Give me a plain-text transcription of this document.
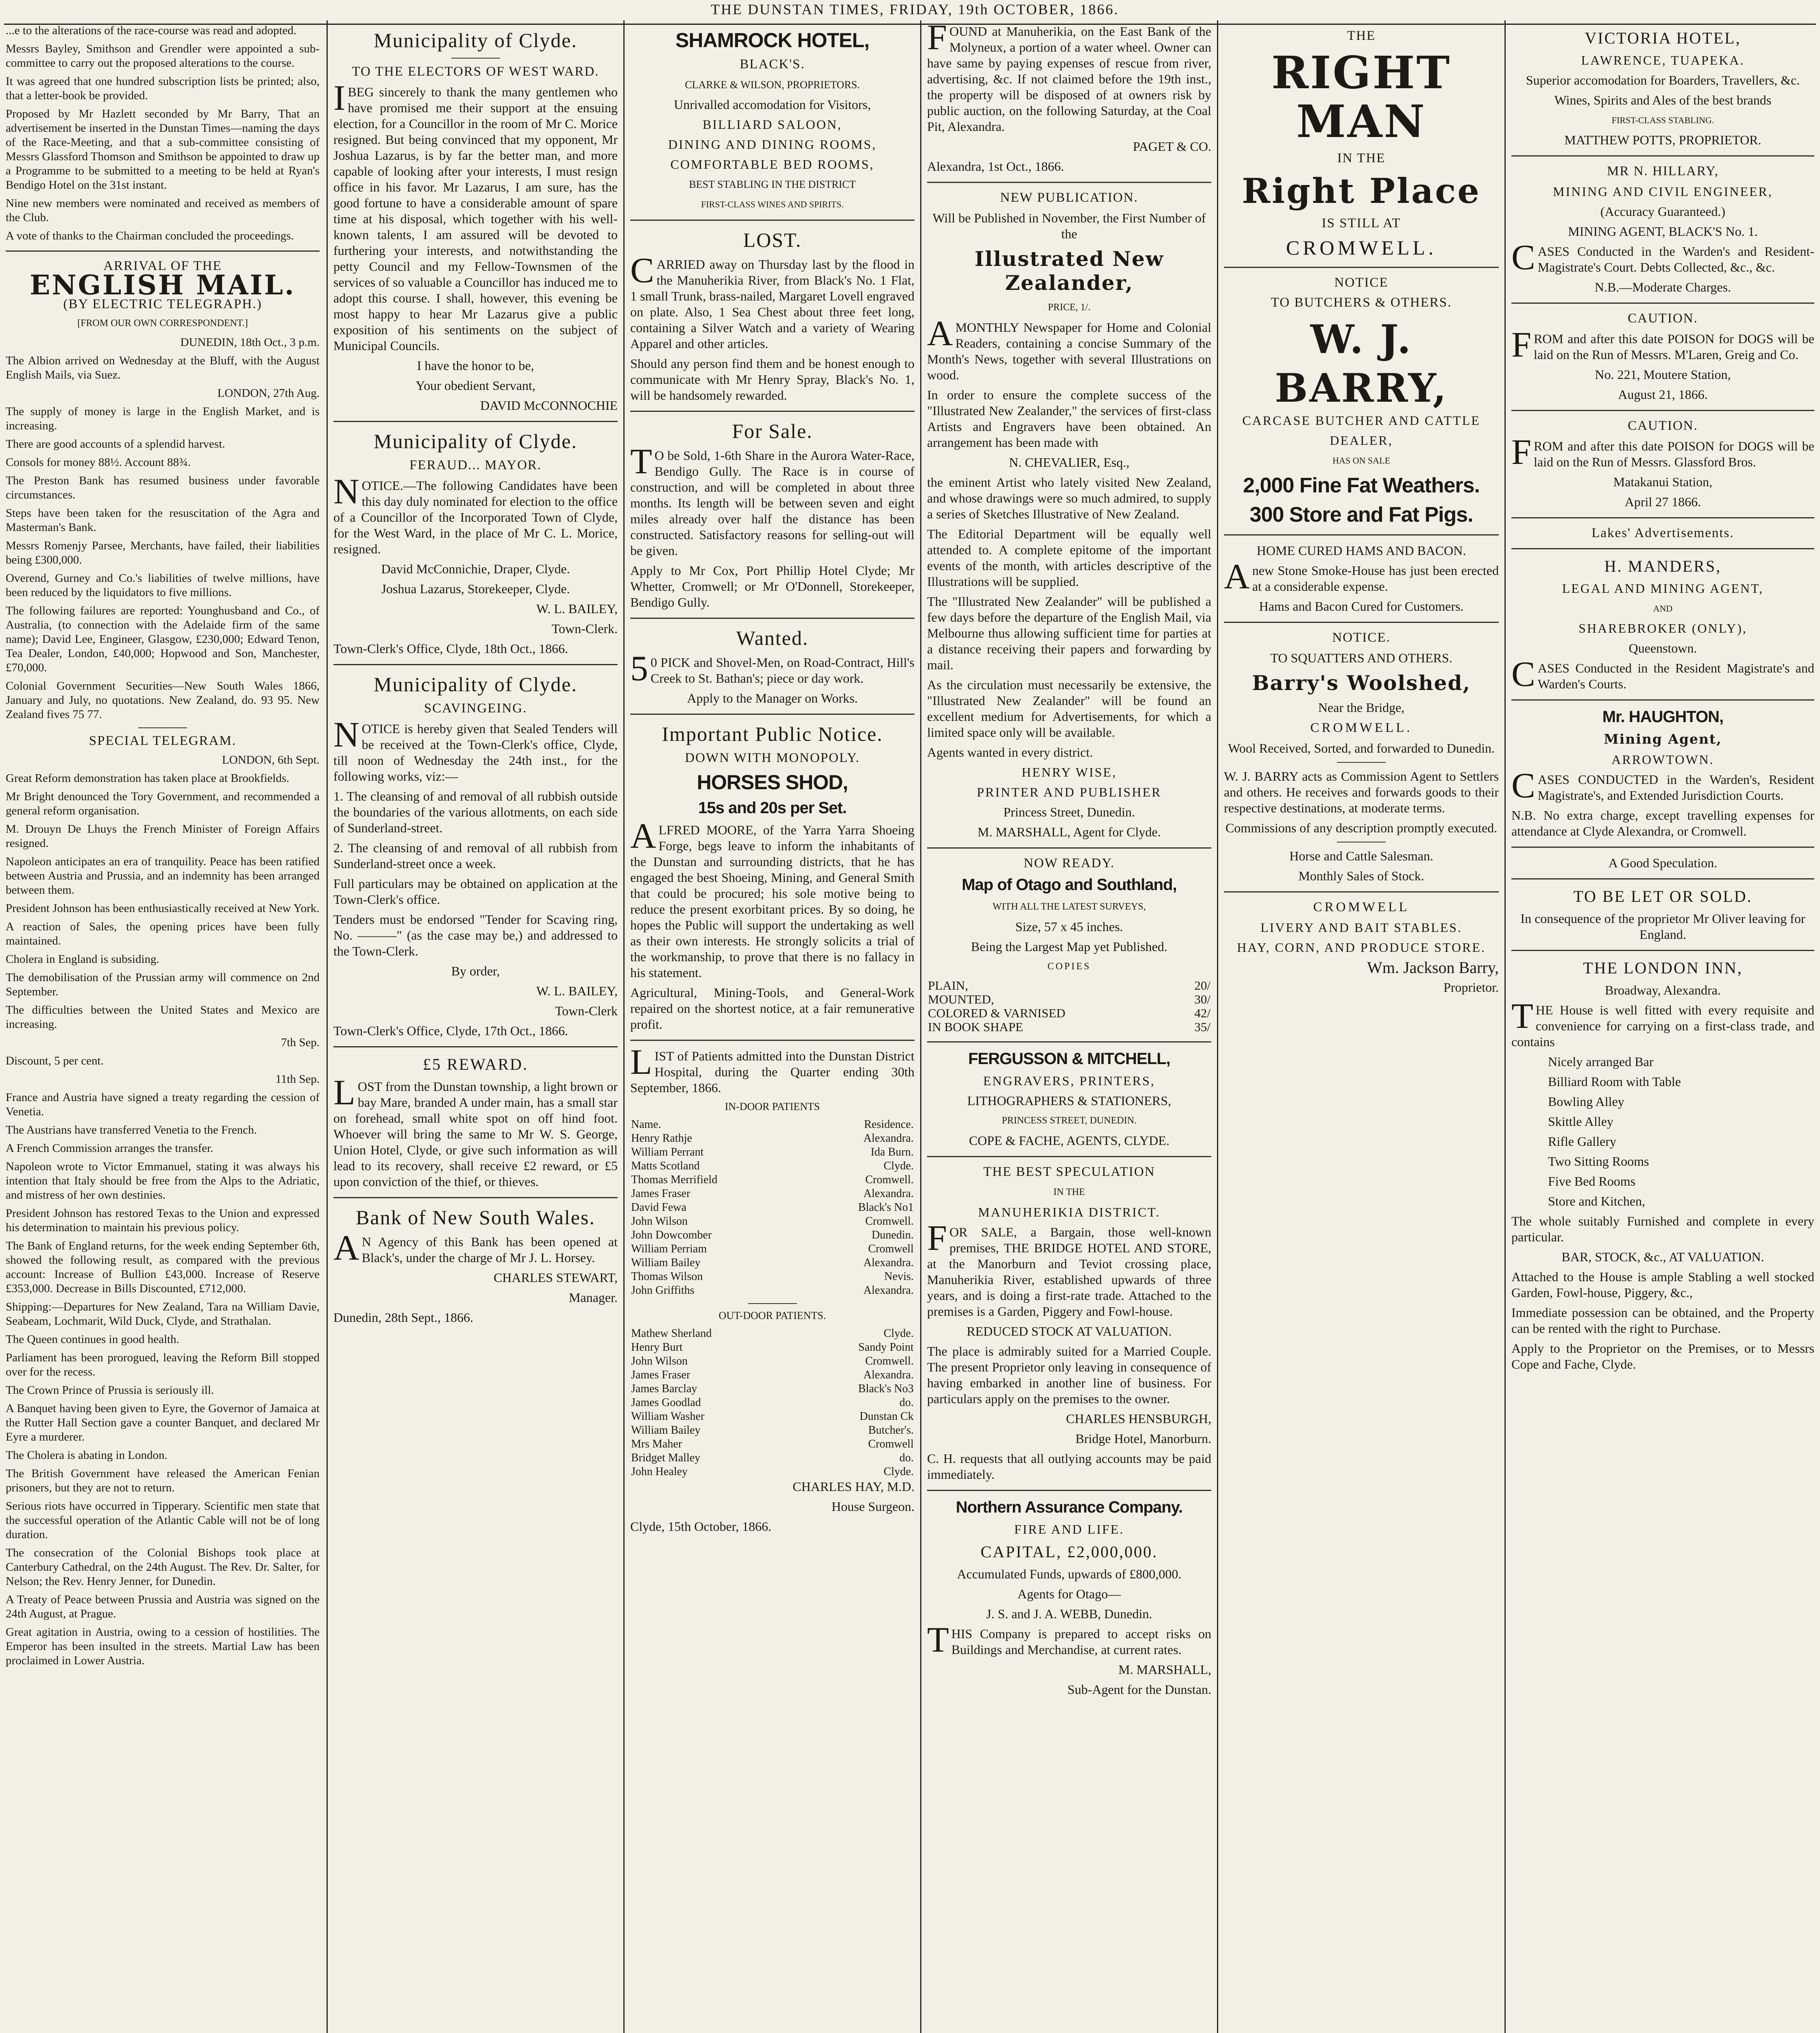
THE DUNSTAN TIMES, FRIDAY, 19th OCTOBER, 1866.

...e to the alterations of the race-course was read and adopted.

Messrs Bayley, Smithson and Grendler were appointed a sub-committee to carry out the proposed alterations to the course.

It was agreed that one hundred subscription lists be printed; also, that a letter-book be provided.

Proposed by Mr Hazlett seconded by Mr Barry, That an advertisement be inserted in the Dunstan Times—naming the days of the Race-Meeting, and that a sub-committee consisting of Messrs Glassford Thomson and Smithson be appointed to draw up a Programme to be submitted to a meeting to be held at Ryan's Bendigo Hotel on the 31st instant.

Nine new members were nominated and received as members of the Club.

A vote of thanks to the Chairman concluded the proceedings.

ARRIVAL OF THE
ENGLISH MAIL.
(BY ELECTRIC TELEGRAPH.)
[FROM OUR OWN CORRESPONDENT.]

DUNEDIN, 18th Oct., 3 p.m.

The Albion arrived on Wednesday at the Bluff, with the August English Mails, via Suez.

LONDON, 27th Aug.

The supply of money is large in the English Market, and is increasing.

There are good accounts of a splendid harvest.

Consols for money 88½. Account 88¾.

The Preston Bank has resumed business under favorable circumstances.

Steps have been taken for the resuscitation of the Agra and Masterman's Bank.

Messrs Romenjy Parsee, Merchants, have failed, their liabilities being £300,000.

Overend, Gurney and Co.'s liabilities of twelve millions, have been reduced by the liquidators to five millions.

The following failures are reported: Younghusband and Co., of Australia, (to connection with the Adelaide firm of the same name); David Lee, Engineer, Glasgow, £230,000; Edward Tenon, Tea Dealer, London, £40,000; Hopwood and Son, Manchester, £70,000.

Colonial Government Securities—New South Wales 1866, January and July, no quotations. New Zealand, do. 93 95. New Zealand fives 75 77.

SPECIAL TELEGRAM.

LONDON, 6th Sept.

Great Reform demonstration has taken place at Brookfields.

Mr Bright denounced the Tory Government, and recommended a general reform organisation.

M. Drouyn De Lhuys the French Minister of Foreign Affairs resigned.

Napoleon anticipates an era of tranquility. Peace has been ratified between Austria and Prussia, and an indemnity has been arranged between them.

President Johnson has been enthusiastically received at New York.

A reaction of Sales, the opening prices have been fully maintained.

Cholera in England is subsiding.

The demobilisation of the Prussian army will commence on 2nd September.

The difficulties between the United States and Mexico are increasing.

7th Sep.

Discount, 5 per cent.

11th Sep.

France and Austria have signed a treaty regarding the cession of Venetia.

The Austrians have transferred Venetia to the French.

A French Commission arranges the transfer.

Napoleon wrote to Victor Emmanuel, stating it was always his intention that Italy should be free from the Alps to the Adriatic, and mistress of her own destinies.

President Johnson has restored Texas to the Union and expressed his determination to maintain his previous policy.

The Bank of England returns, for the week ending September 6th, showed the following result, as compared with the previous account: Increase of Bullion £43,000. Increase of Reserve £353,000. Decrease in Bills Discounted, £712,000.

Shipping:—Departures for New Zealand, Tara na William Davie, Seabeam, Lochmarit, Wild Duck, Clyde, and Strathalan.

The Queen continues in good health.

Parliament has been prorogued, leaving the Reform Bill stopped over for the recess.

The Crown Prince of Prussia is seriously ill.

A Banquet having been given to Eyre, the Governor of Jamaica at the Rutter Hall Section gave a counter Banquet, and declared Mr Eyre a murderer.

The Cholera is abating in London.

The British Government have released the American Fenian prisoners, but they are not to return.

Serious riots have occurred in Tipperary. Scientific men state that the successful operation of the Atlantic Cable will not be of long duration.

The consecration of the Colonial Bishops took place at Canterbury Cathedral, on the 24th August. The Rev. Dr. Salter, for Nelson; the Rev. Henry Jenner, for Dunedin.

A Treaty of Peace between Prussia and Austria was signed on the 24th August, at Prague.

Great agitation in Austria, owing to a cession of hostilities. The Emperor has been insulted in the streets. Martial Law has been proclaimed in Lower Austria.

Municipality of Clyde.
TO THE ELECTORS OF WEST WARD.

IBEG sincerely to thank the many gentlemen who have promised me their support at the ensuing election, for a Councillor in the room of Mr C. Morice resigned. But being convinced that my opponent, Mr Joshua Lazarus, is by far the better man, and more capable of looking after your interests, I must resign office in his favor. Mr Lazarus, I am sure, has the good fortune to have a considerable amount of spare time at his disposal, which together with his well-known talents, I am assured will be devoted to furthering your interests, and notwithstanding the petty Council and my Fellow-Townsmen of the services of so valuable a Councillor has induced me to adopt this course. I shall, however, this evening be most happy to hear Mr Lazarus give a public exposition of his sentiments on the subject of Municipal Councils.

I have the honor to be,

Your obedient Servant,

DAVID McCONNOCHIE

Municipality of Clyde.
FERAUD... MAYOR.

NOTICE.—The following Candidates have been this day duly nominated for election to the office of a Councillor of the Incorporated Town of Clyde, for the West Ward, in the place of Mr C. L. Morice, resigned.

David McConnichie, Draper, Clyde.

Joshua Lazarus, Storekeeper, Clyde.

W. L. BAILEY,

Town-Clerk.

Town-Clerk's Office, Clyde, 18th Oct., 1866.

Municipality of Clyde.
SCAVINGEING.

NOTICE is hereby given that Sealed Tenders will be received at the Town-Clerk's office, Clyde, till noon of Wednesday the 24th inst., for the following works, viz:—

1. The cleansing of and removal of all rubbish outside the boundaries of the various allotments, on each side of Sunderland-street.

2. The cleansing of and removal of all rubbish from Sunderland-street once a week.

Full particulars may be obtained on application at the Town-Clerk's office.

Tenders must be endorsed "Tender for Scaving ring, No. ———" (as the case may be,) and addressed to the Town-Clerk.

By order,

W. L. BAILEY,

Town-Clerk

Town-Clerk's Office, Clyde, 17th Oct., 1866.

£5 REWARD.

LOST from the Dunstan township, a light brown or bay Mare, branded A under main, has a small star on forehead, small white spot on off hind foot. Whoever will bring the same to Mr W. S. George, Union Hotel, Clyde, or give such information as will lead to its recovery, shall receive £2 reward, or £5 upon conviction of the thief, or thieves.

Bank of New South Wales.

AN Agency of this Bank has been opened at Black's, under the charge of Mr J. L. Horsey.

CHARLES STEWART,

Manager.

Dunedin, 28th Sept., 1866.

SHAMROCK HOTEL,
BLACK'S.

CLARKE & WILSON, PROPRIETORS.

Unrivalled accomodation for Visitors,

BILLIARD SALOON,

DINING AND DINING ROOMS,

COMFORTABLE BED ROOMS,

BEST STABLING IN THE DISTRICT

FIRST-CLASS WINES AND SPIRITS.

LOST.

CARRIED away on Thursday last by the flood in the Manuherikia River, from Black's No. 1 Flat, 1 small Trunk, brass-nailed, Margaret Lovell engraved on plate. Also, 1 Sea Chest about three feet long, containing a Silver Watch and a variety of Wearing Apparel and other articles.

Should any person find them and be honest enough to communicate with Mr Henry Spray, Black's No. 1, will be handsomely rewarded.

For Sale.

TO be Sold, 1-6th Share in the Aurora Water-Race, Bendigo Gully. The Race is in course of construction, and will be completed in about three months. Its length will be between seven and eight miles already over half the distance has been constructed. Satisfactory reasons for selling-out will be given.

Apply to Mr Cox, Port Phillip Hotel Clyde; Mr Whetter, Cromwell; or Mr O'Donnell, Storekeeper, Bendigo Gully.

Wanted.

50 PICK and Shovel-Men, on Road-Contract, Hill's Creek to St. Bathan's; piece or day work.

Apply to the Manager on Works.

Important Public Notice.
DOWN WITH MONOPOLY.
HORSES SHOD,
15s and 20s per Set.

ALFRED MOORE, of the Yarra Yarra Shoeing Forge, begs leave to inform the inhabitants of the Dunstan and surrounding districts, that he has engaged the best Shoeing, Mining, and General Smith that could be procured; his sole motive being to reduce the present exorbitant prices. By so doing, he hopes the Public will support the undertaking as well as their own interests. He strongly solicits a trial of the workmanship, to prove that there is no fallacy in his statement.

Agricultural, Mining-Tools, and General-Work repaired on the shortest notice, at a fair remunerative profit.

LIST of Patients admitted into the Dunstan District Hospital, during the Quarter ending 30th September, 1866.

IN-DOOR PATIENTS
Name.	Residence.
Henry Rathje	Alexandra.
William Perrant	Ida Burn.
Matts Scotland	Clyde.
Thomas Merrifield	Cromwell.
James Fraser	Alexandra.
David Fewa	Black's No1
John Wilson	Cromwell.
John Dowcomber	Dunedin.
William Perriam	Cromwell
William Bailey	Alexandra.
Thomas Wilson	Nevis.
John Griffiths	Alexandra.
OUT-DOOR PATIENTS.
Mathew Sherland	Clyde.
Henry Burt	Sandy Point
John Wilson	Cromwell.
James Fraser	Alexandra.
James Barclay	Black's No3
James Goodlad	do.
William Washer	Dunstan Ck
William Bailey	Butcher's.
Mrs Maher	Cromwell
Bridget Malley	do.
John Healey	Clyde.

CHARLES HAY, M.D.

House Surgeon.

Clyde, 15th October, 1866.

FOUND at Manuherikia, on the East Bank of the Molyneux, a portion of a water wheel. Owner can have same by paying expenses of rescue from river, advertising, &c. If not claimed before the 19th inst., the property will be disposed of at owners risk by public auction, on the following Saturday, at the Coal Pit, Alexandra.

PAGET & CO.

Alexandra, 1st Oct., 1866.

NEW PUBLICATION.

Will be Published in November, the First Number of the

Illustrated New Zealander,

PRICE, 1/.

AMONTHLY Newspaper for Home and Colonial Readers, containing a concise Summary of the Month's News, together with several Illustrations on wood.

In order to ensure the complete success of the "Illustrated New Zealander," the services of first-class Artists and Engravers have been obtained. An arrangement has been made with

N. CHEVALIER, Esq.,

the eminent Artist who lately visited New Zealand, and whose drawings were so much admired, to supply a series of Sketches Illustrative of New Zealand.

The Editorial Department will be equally well attended to. A complete epitome of the important events of the month, with articles descriptive of the Illustrations will be supplied.

The "Illustrated New Zealander" will be published a few days before the departure of the English Mail, via Melbourne thus allowing sufficient time for parties at a distance receiving their papers and forwarding by mail.

As the circulation must necessarily be extensive, the "Illustrated New Zealander" will be found an excellent medium for Advertisements, for which a limited space only will be available.

Agents wanted in every district.

HENRY WISE,

PRINTER AND PUBLISHER

Princess Street, Dunedin.

M. MARSHALL, Agent for Clyde.

NOW READY.
Map of Otago and Southland,

WITH ALL THE LATEST SURVEYS,

Size, 57 x 45 inches.

Being the Largest Map yet Published.

COPIES

PLAIN,	20/
MOUNTED,	30/
COLORED & VARNISED	42/
IN BOOK SHAPE	35/
FERGUSSON & MITCHELL,

ENGRAVERS, PRINTERS,

LITHOGRAPHERS & STATIONERS,

PRINCESS STREET, DUNEDIN.

COPE & FACHE, AGENTS, CLYDE.

THE BEST SPECULATION

IN THE

MANUHERIKIA DISTRICT.

FOR SALE, a Bargain, those well-known premises, THE BRIDGE HOTEL AND STORE, at the Manorburn and Teviot crossing place, Manuherikia River, established upwards of three years, and is doing a first-rate trade. Attached to the premises is a Garden, Piggery and Fowl-house.

REDUCED STOCK AT VALUATION.

The place is admirably suited for a Married Couple. The present Proprietor only leaving in consequence of having embarked in another line of business. For particulars apply on the premises to the owner.

CHARLES HENSBURGH,

Bridge Hotel, Manorburn.

C. H. requests that all outlying accounts may be paid immediately.

Northern Assurance Company.

FIRE AND LIFE.

CAPITAL, £2,000,000.

Accumulated Funds, upwards of £800,000.

Agents for Otago—

J. S. and J. A. WEBB, Dunedin.

THIS Company is prepared to accept risks on Buildings and Merchandise, at current rates.

M. MARSHALL,

Sub-Agent for the Dunstan.

THE
RIGHT MAN
IN THE
Right Place
IS STILL AT
CROMWELL.
NOTICE
TO BUTCHERS & OTHERS.
W. J. BARRY,

CARCASE BUTCHER AND CATTLE

DEALER,

HAS ON SALE

2,000 Fine Fat Weathers.
300 Store and Fat Pigs.

HOME CURED HAMS AND BACON.

Anew Stone Smoke-House has just been erected at a considerable expense.

Hams and Bacon Cured for Customers.

NOTICE.

TO SQUATTERS AND OTHERS.

Barry's Woolshed,

Near the Bridge,

CROMWELL.

Wool Received, Sorted, and forwarded to Dunedin.

W. J. BARRY acts as Commission Agent to Settlers and others. He receives and forwards goods to their respective destinations, at moderate terms.

Commissions of any description promptly executed.

Horse and Cattle Salesman.

Monthly Sales of Stock.

CROMWELL

LIVERY AND BAIT STABLES.

HAY, CORN, AND PRODUCE STORE.

Wm. Jackson Barry,

Proprietor.

VICTORIA HOTEL,

LAWRENCE, TUAPEKA.

Superior accomodation for Boarders, Travellers, &c.

Wines, Spirits and Ales of the best brands

FIRST-CLASS STABLING.

MATTHEW POTTS, PROPRIETOR.

MR N. HILLARY,

MINING AND CIVIL ENGINEER,

(Accuracy Guaranteed.)

MINING AGENT, BLACK'S No. 1.

CASES Conducted in the Warden's and Resident-Magistrate's Court. Debts Collected, &c., &c.

N.B.—Moderate Charges.

CAUTION.

FROM and after this date POISON for DOGS will be laid on the Run of Messrs. M'Laren, Greig and Co.

No. 221, Moutere Station,

August 21, 1866.

CAUTION.

FROM and after this date POISON for DOGS will be laid on the Run of Messrs. Glassford Bros.

Matakanui Station,

April 27 1866.

Lakes' Advertisements.
H. MANDERS,

LEGAL AND MINING AGENT,

AND

SHAREBROKER (ONLY),

Queenstown.

CASES Conducted in the Resident Magistrate's and Warden's Courts.

Mr. HAUGHTON,
Mining Agent,

ARROWTOWN.

CASES CONDUCTED in the Warden's, Resident Magistrate's, and Extended Jurisdiction Courts.

N.B. No extra charge, except travelling expenses for attendance at Clyde Alexandra, or Cromwell.

A Good Speculation.

TO BE LET OR SOLD.

In consequence of the proprietor Mr Oliver leaving for England.

THE LONDON INN,

Broadway, Alexandra.

THE House is well fitted with every requisite and convenience for carrying on a first-class trade, and contains

Nicely arranged Bar

Billiard Room with Table

Bowling Alley

Skittle Alley

Rifle Gallery

Two Sitting Rooms

Five Bed Rooms

Store and Kitchen,

The whole suitably Furnished and complete in every particular.

BAR, STOCK, &c., AT VALUATION.

Attached to the House is ample Stabling a well stocked Garden, Fowl-house, Piggery, &c.,

Immediate possession can be obtained, and the Property can be rented with the right to Purchase.

Apply to the Proprietor on the Premises, or to Messrs Cope and Fache, Clyde.
